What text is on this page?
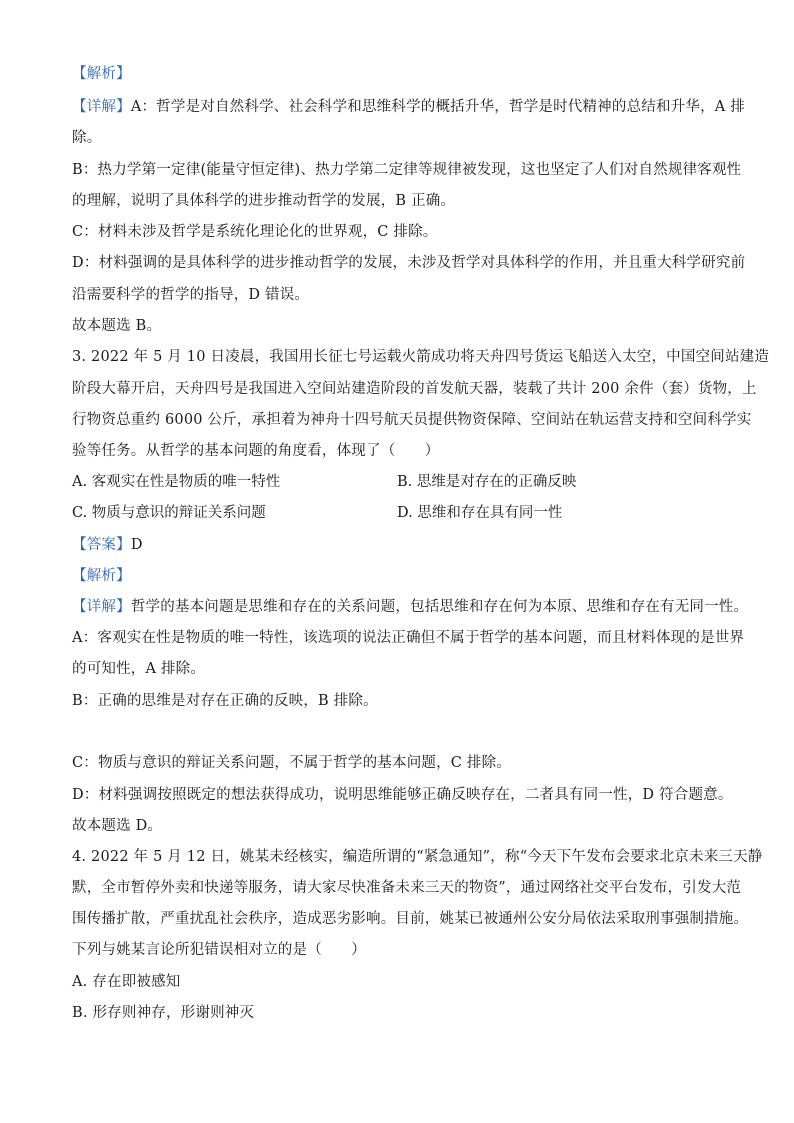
【解析】
【详解】A：哲学是对自然科学、社会科学和思维科学的概括升华，哲学是时代精神的总结和升华，A 排
除。
B：热力学第一定律(能量守恒定律)、热力学第二定律等规律被发现，这也坚定了人们对自然规律客观性
的理解，说明了具体科学的进步推动哲学的发展，B 正确。
C：材料未涉及哲学是系统化理论化的世界观，C 排除。
D：材料强调的是具体科学的进步推动哲学的发展，未涉及哲学对具体科学的作用，并且重大科学研究前
沿需要科学的哲学的指导，D 错误。
故本题选 B。
3. 2022 年 5 月 10 日凌晨，我国用长征七号运载火箭成功将天舟四号货运飞船送入太空，中国空间站建造
阶段大幕开启，天舟四号是我国进入空间站建造阶段的首发航天器，装载了共计 200 余件（套）货物，上
行物资总重约 6000 公斤，承担着为神舟十四号航天员提供物资保障、空间站在轨运营支持和空间科学实
验等任务。从哲学的基本问题的角度看，体现了（　　）
A. 客观实在性是物质的唯一特性	B. 思维是对存在的正确反映
C. 物质与意识的辩证关系问题	D. 思维和存在具有同一性
【答案】D
【解析】
【详解】哲学的基本问题是思维和存在的关系问题，包括思维和存在何为本原、思维和存在有无同一性。
A：客观实在性是物质的唯一特性，该选项的说法正确但不属于哲学的基本问题，而且材料体现的是世界
的可知性，A 排除。
B：正确的思维是对存在正确的反映，B 排除。
C：物质与意识的辩证关系问题，不属于哲学的基本问题，C 排除。
D：材料强调按照既定的想法获得成功，说明思维能够正确反映存在，二者具有同一性，D 符合题意。
故本题选 D。
4. 2022 年 5 月 12 日，姚某未经核实，编造所谓的“紧急通知”，称“今天下午发布会要求北京未来三天静
默，全市暂停外卖和快递等服务，请大家尽快准备未来三天的物资”，通过网络社交平台发布，引发大范
围传播扩散，严重扰乱社会秩序，造成恶劣影响。目前，姚某已被通州公安分局依法采取刑事强制措施。
下列与姚某言论所犯错误相对立的是（　　）
A. 存在即被感知
B. 形存则神存，形谢则神灭
